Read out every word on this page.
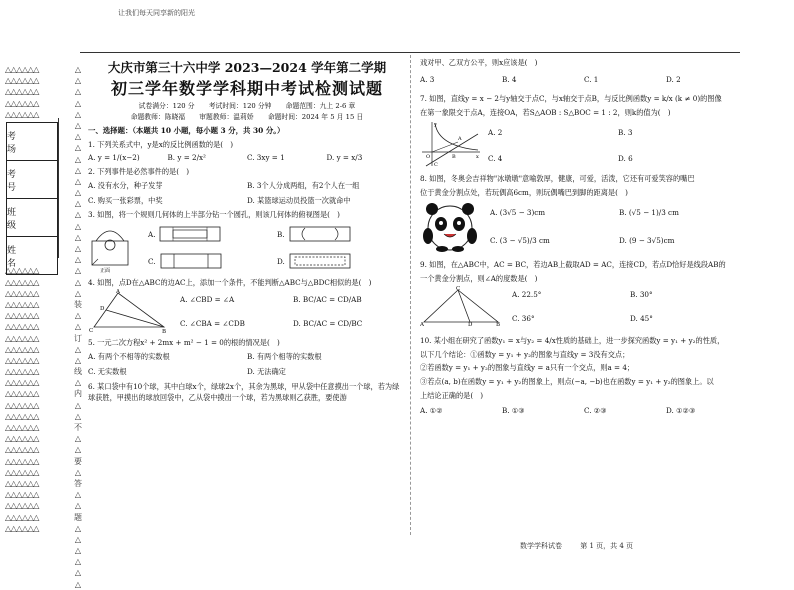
让我们每天同享新的阳光
△△△△△△
△△△△△△
△△△△△△
△△△△△△
△△△△△△
△△△△△△
△△△△△△
△△△△△△
△△△△△△
△△△△△△
△△△△△△
△△△△△△
△△△△△△
△△△△△△
△△△△△△
△△△△△△
△△△△△△
△△△△△△
△△△△△△
△△△△△△
△△△△△△
△△△△△△
△△△△△△
△△△△△△
△△△△△△
△△△△△△
△△△△△△
△△△△△△
△△△△△△
考 场
考 号
班 级
姓 名
△
△
△
△
△
△
△
△
△
△
△
△
△
△
△
△
△
△
△
△
△
装
△
△
订
△
△
线
△
内
△
△
不
△
△
要
△
答
△
△
题
△
△
△
△
△
△
大庆市第三十六中学 2023—2024 学年第二学期
初三学年数学学科期中考试检测试题
试卷满分：120 分 考试时间：120 分钟 命题范围：九上 2-6 章
命题教师：陈晓福 审题教师：温莉娇 命题时间：2024 年 5 月 15 日
一、选择题：（本题共 10 小题，每小题 3 分，共 30 分。）
1. 下列关系式中，y是x的反比例函数的是(　)
A. y = 1/(x−2)	B. y = 2/x²	C. 3xy = 1	D. y = x/3
2. 下列事件是必然事件的是(　)
A. 没有水分，种子发芽	B. 3个人分成两组，有2个人在一组
C. 购买一张彩票，中奖	D. 某篮球运动员投篮一次就命中
3. 如图，将一个规则几何体的上半部分钻一个圆孔，则该几何体的俯视图是(　)
正面
A.	B.
C.	D.
4. 如图，点D在△ABC的边AC上，添加一个条件，不能判断△ABC与△BDC相似的是(　)
A
D
C	B
A. ∠CBD = ∠A	B. BC/AC = CD/AB
C. ∠CBA = ∠CDB	D. BC/AC = CD/BC
5. 一元二次方程x² + 2mx + m² − 1 = 0的根的情况是(　)
A. 有两个不相等的实数根	B. 有两个相等的实数根
C. 无实数根	D. 无法确定
6. 某口袋中有10个球，其中白球x个，绿球2x个，其余为黑球，甲从袋中任意摸出一个球，若为绿球获胜，甲摸出的球放回袋中，乙从袋中摸出一个球，若为黑球则乙获胜，要使游
戏对甲、乙双方公平，则x应该是(　)
A. 3	B. 4	C. 1	D. 2
7. 如图，直线y = x − 2与y轴交于点C，与x轴交于点B，与反比例函数y = k/x (k ≠ 0)的图像
在第一象限交于点A，连接OA，若S△AOB : S△BOC = 1 : 2，则k的值为(　)
y
x
O	B
A
C
A. 2	B. 3
C. 4	D. 6
8. 如图，冬奥会吉祥物"冰墩墩"意喻敦厚，健康，可爱，活泼，它还有可爱笑容的嘴巴
位于黄金分割点处，若玩偶高6cm，则玩偶嘴巴到脚的距离是(　)
A. (3√5 − 3)cm	B. (√5 − 1)/3 cm
C. (3 − √5)/3 cm	D. (9 − 3√5)cm
9. 如图，在△ABC中，AC = BC，若边AB上截取AD = AC，连接CD，若点D恰好是线段AB的
一个黄金分割点，则∠A的度数是(　)
C
A	D	B
A. 22.5°	B. 30°
C. 36°	D. 45°
10. 某小组在研究了函数y₁ = x与y₂ = 4/x性质的基础上，进一步探究函数y = y₁ + y₂的性质，
以下几个结论：①函数y = y₁ + y₂的图象与直线y = 3没有交点；
②若函数y = y₁ + y₂的图象与直线y = a只有一个交点，则a = 4；
③若点(a, b)在函数y = y₁ + y₂的图象上，则点(−a, −b)也在函数y = y₁ + y₂的图象上。以
上结论正确的是(　)
A. ①②	B. ①③	C. ②③	D. ①②③
数学学科试卷	第 1 页，共 4 页
